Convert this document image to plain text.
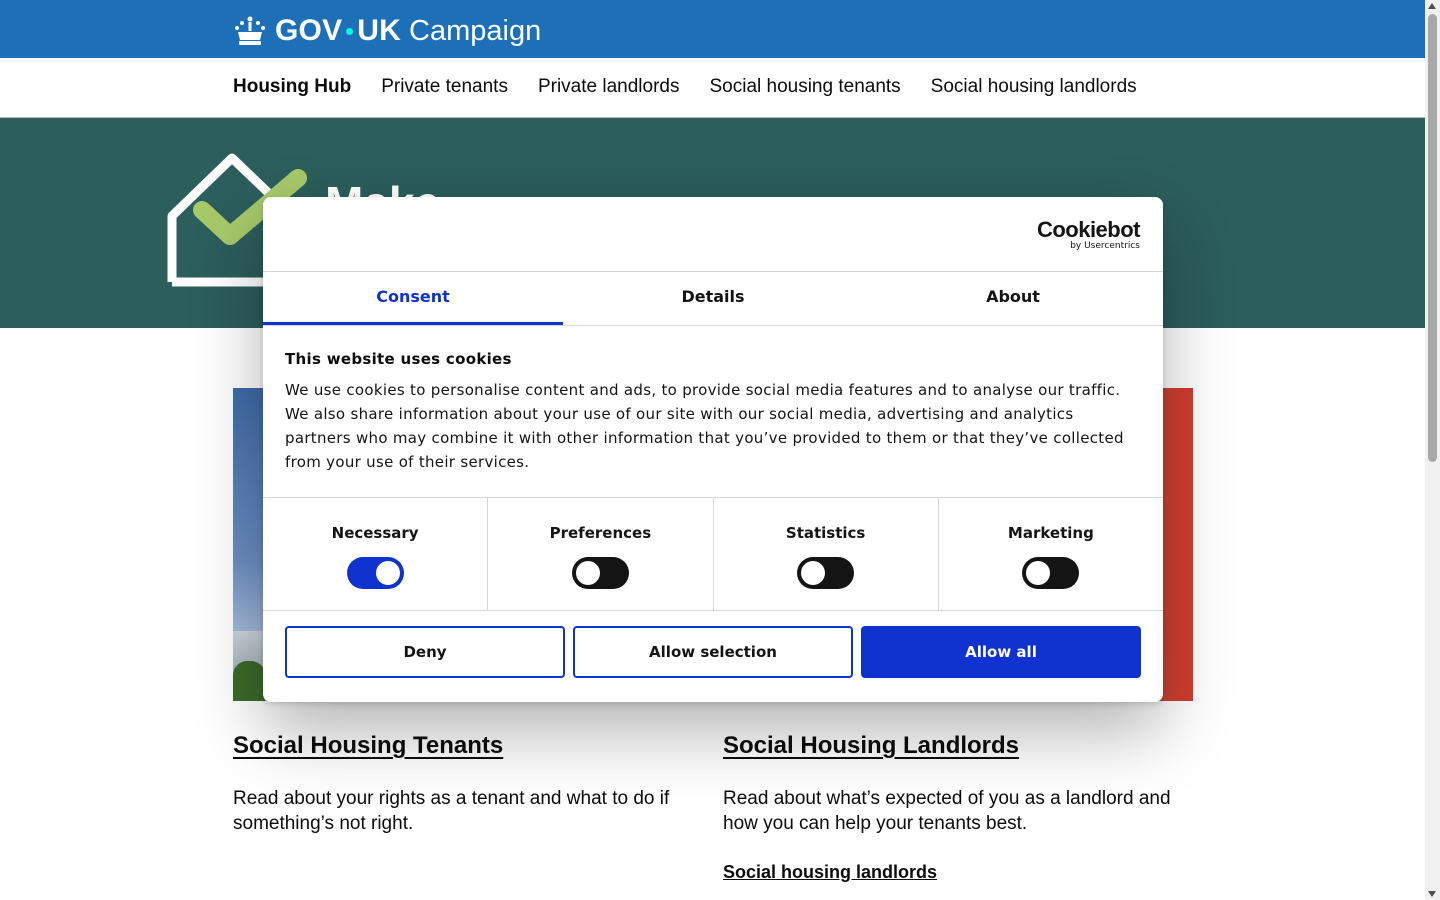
GOV UK Campaign
Housing Hub Private tenants Private landlords Social housing tenants Social housing landlords
Social Housing Tenants
Read about your rights as a tenant and what to do if something’s not right.
Social Housing Landlords
Read about what’s expected of you as a landlord and how you can help your tenants best.
Social housing landlords
Cookiebot
by Usercentrics
Consent	Details	About
This website uses cookies

We use cookies to personalise content and ads, to provide social media features and to analyse our traffic. We also share information about your use of our site with our social media, advertising and analytics partners who may combine it with other information that you’ve provided to them or that they’ve collected from your use of their services.

Necessary	Preferences	Statistics	Marketing
Deny	Allow selection	Allow all
